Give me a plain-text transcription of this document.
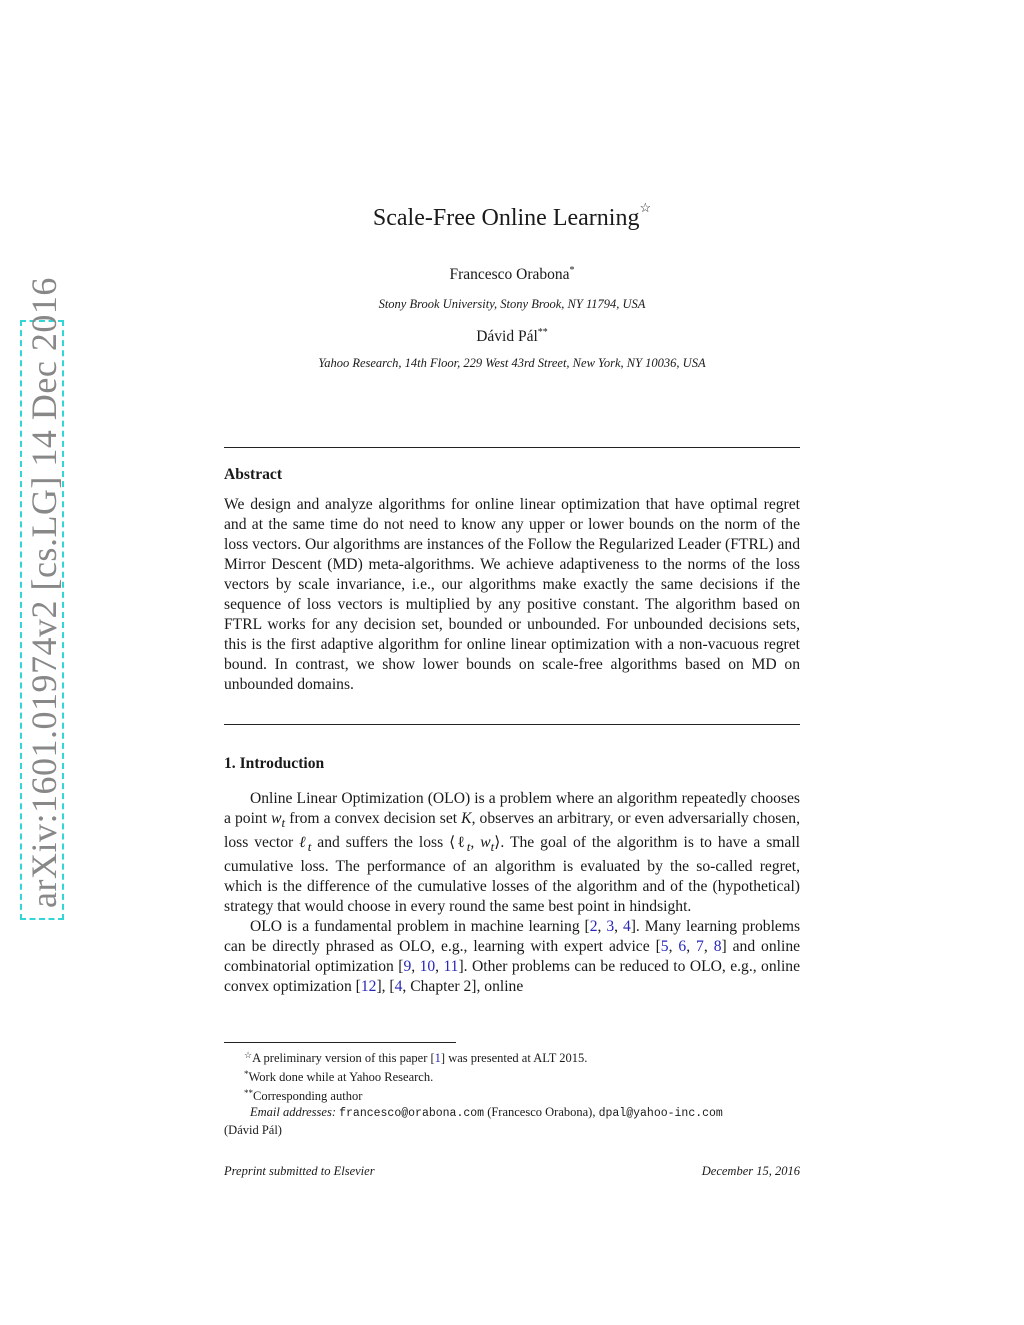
arXiv:1601.01974v2 [cs.LG] 14 Dec 2016
Scale-Free Online Learning☆
Francesco Orabona*
Stony Brook University, Stony Brook, NY 11794, USA
Dávid Pál**
Yahoo Research, 14th Floor, 229 West 43rd Street, New York, NY 10036, USA
Abstract
We design and analyze algorithms for online linear optimization that have optimal regret and at the same time do not need to know any upper or lower bounds on the norm of the loss vectors. Our algorithms are instances of the Follow the Regularized Leader (FTRL) and Mirror Descent (MD) meta-algorithms. We achieve adaptiveness to the norms of the loss vectors by scale invariance, i.e., our algorithms make exactly the same decisions if the sequence of loss vectors is multiplied by any positive constant. The algorithm based on FTRL works for any decision set, bounded or unbounded. For unbounded decisions sets, this is the first adaptive algorithm for online linear optimization with a non-vacuous regret bound. In contrast, we show lower bounds on scale-free algorithms based on MD on unbounded domains.
1. Introduction

Online Linear Optimization (OLO) is a problem where an algorithm repeatedly chooses a point $w_t$ from a convex decision set K, observes an arbitrary, or even adversarially chosen, loss vector ℓ$_t$ and suffers the loss ⟨ℓ$_t$, $w_t⟩$. The goal of the algorithm is to have a small cumulative loss. The performance of an algorithm is evaluated by the so-called regret, which is the difference of the cumulative losses of the algorithm and of the (hypothetical) strategy that would choose in every round the same best point in hindsight.

OLO is a fundamental problem in machine learning [2, 3, 4]. Many learning problems can be directly phrased as OLO, e.g., learning with expert advice [5, 6, 7, 8] and online combinatorial optimization [9, 10, 11]. Other problems can be reduced to OLO, e.g., online convex optimization [12], [4, Chapter 2], online

☆A preliminary version of this paper [1] was presented at ALT 2015.
*Work done while at Yahoo Research.
**Corresponding author
Email addresses: francesco@orabona.com (Francesco Orabona), dpal@yahoo-inc.com
(Dávid Pál)
Preprint submitted to Elsevier	December 15, 2016
